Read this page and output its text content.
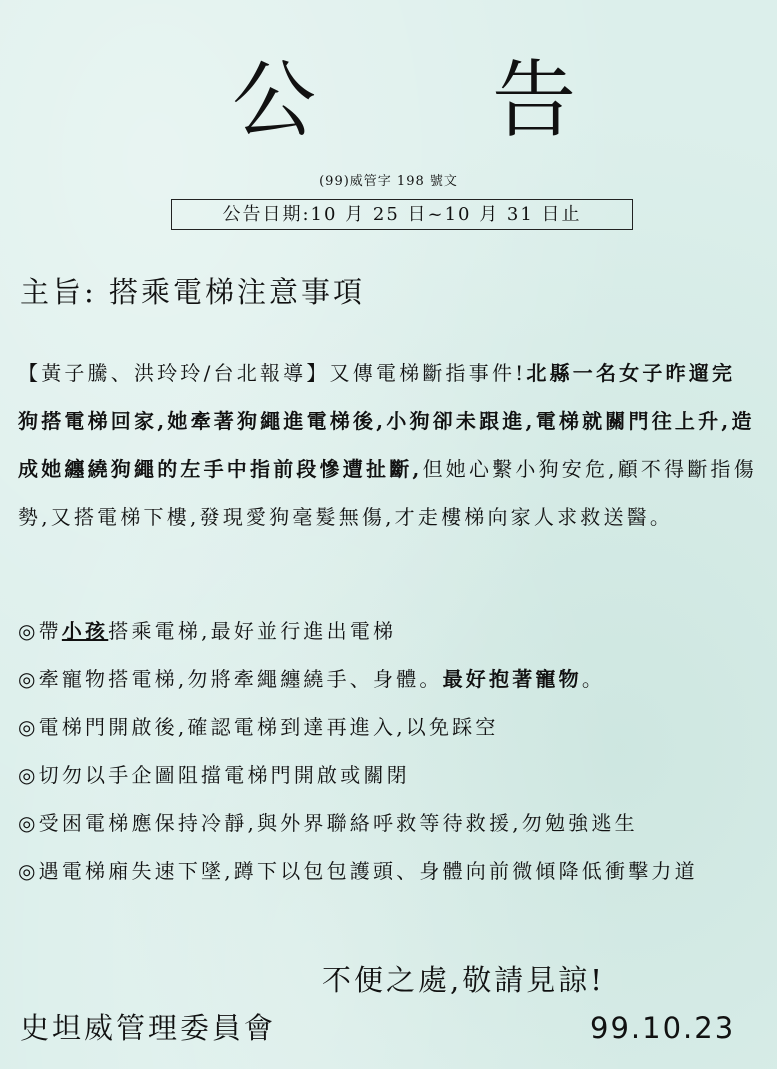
公 告
(99)威管字 198 號文
公告日期:10 月 25 日~10 月 31 日止
主旨: 搭乘電梯注意事項
【黃子騰、洪玲玲/台北報導】又傳電梯斷指事件!北縣一名女子昨遛完狗搭電梯回家,她牽著狗繩進電梯後,小狗卻未跟進,電梯就關門往上升,造成她纏繞狗繩的左手中指前段慘遭扯斷,但她心繫小狗安危,顧不得斷指傷勢,又搭電梯下樓,發現愛狗毫髮無傷,才走樓梯向家人求救送醫。
◎帶小孩搭乘電梯,最好並行進出電梯
◎牽寵物搭電梯,勿將牽繩纏繞手、身體。最好抱著寵物。
◎電梯門開啟後,確認電梯到達再進入,以免踩空
◎切勿以手企圖阻擋電梯門開啟或關閉
◎受困電梯應保持冷靜,與外界聯絡呼救等待救援,勿勉強逃生
◎遇電梯廂失速下墜,蹲下以包包護頭、身體向前微傾降低衝擊力道
不便之處,敬請見諒!
史坦威管理委員會	99.10.23
